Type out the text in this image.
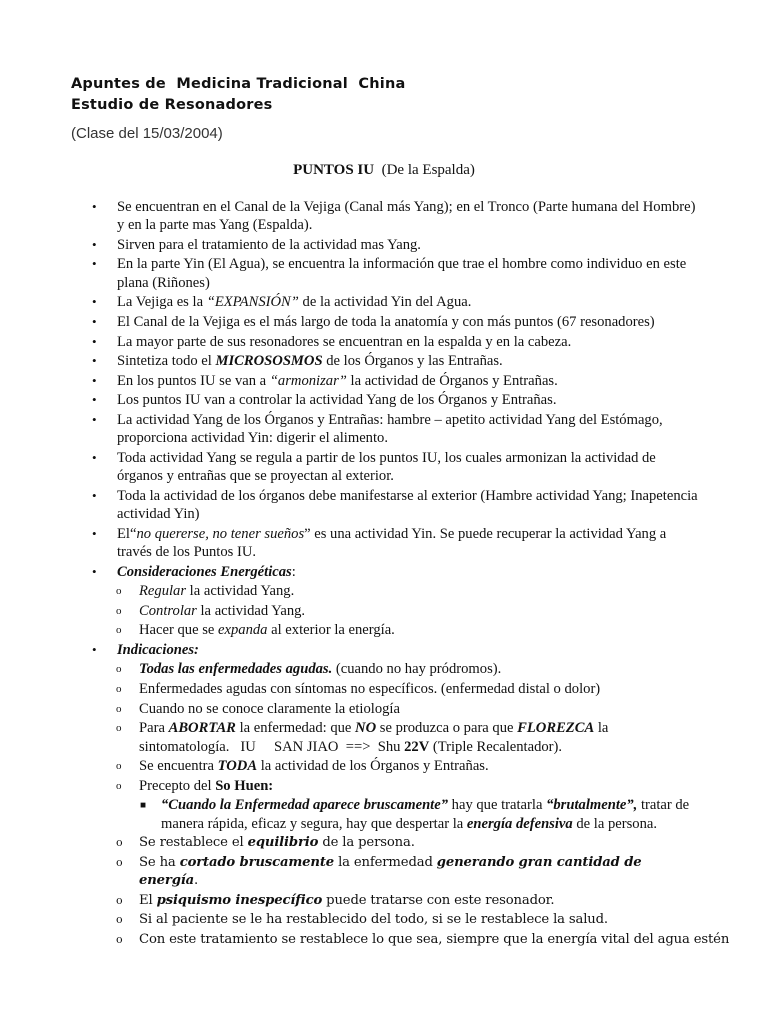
Apuntes de  Medicina Tradicional  China
Estudio de Resonadores
(Clase del 15/03/2004)
PUNTOS IU  (De la Espalda)
• Se encuentran en el Canal de la Vejiga (Canal más Yang); en el Tronco (Parte humana del Hombre) y en la parte mas Yang (Espalda).
• Sirven para el tratamiento de la actividad mas Yang.
• En la parte Yin (El Agua), se encuentra la información que trae el hombre como individuo en este plana (Riñones)
• La Vejiga es la “EXPANSIÓN” de la actividad Yin del Agua.
• El Canal de la Vejiga es el más largo de toda la anatomía y con más puntos (67 resonadores)
• La mayor parte de sus resonadores se encuentran en la espalda y en la cabeza.
• Sintetiza todo el MICROSOSMOS de los Órganos y las Entrañas.
• En los puntos IU se van a “armonizar” la actividad de Órganos y Entrañas.
• Los puntos IU van a controlar la actividad Yang de los Órganos y Entrañas.
• La actividad Yang de los Órganos y Entrañas: hambre – apetito actividad Yang del Estómago, proporciona actividad Yin: digerir el alimento.
• Toda actividad Yang se regula a partir de los puntos IU, los cuales armonizan la actividad de órganos y entrañas que se proyectan al exterior.
• Toda la actividad de los órganos debe manifestarse al exterior (Hambre actividad Yang; Inapetencia actividad Yin)
• El“no quererse, no tener sueños” es una actividad Yin. Se puede recuperar la actividad Yang a través de los Puntos IU.
• Consideraciones Energéticas:
o Regular la actividad Yang.
o Controlar la actividad Yang.
o Hacer que se expanda al exterior la energía.
• Indicaciones:
o Todas las enfermedades agudas. (cuando no hay pródromos).
o Enfermedades agudas con síntomas no específicos. (enfermedad distal o dolor)
o Cuando no se conoce claramente la etiología
o Para ABORTAR la enfermedad: que NO se produzca o para que FLOREZCA la sintomatología.   IU     SAN JIAO  ==>  Shu 22V (Triple Recalentador).
o Se encuentra TODA la actividad de los Órganos y Entrañas.
o Precepto del So Huen:
■ “Cuando la Enfermedad aparece bruscamente” hay que tratarla “brutalmente”, tratar de manera rápida, eficaz y segura, hay que despertar la energía defensiva de la persona.
o Se restablece el equilibrio de la persona.
o Se ha cortado bruscamente la enfermedad generando gran cantidad de energía.
o El psiquismo inespecífico puede tratarse con este resonador.
o Si al paciente se le ha restablecido del todo, si se le restablece la salud.
o Con este tratamiento se restablece lo que sea, siempre que la energía vital del agua estén
